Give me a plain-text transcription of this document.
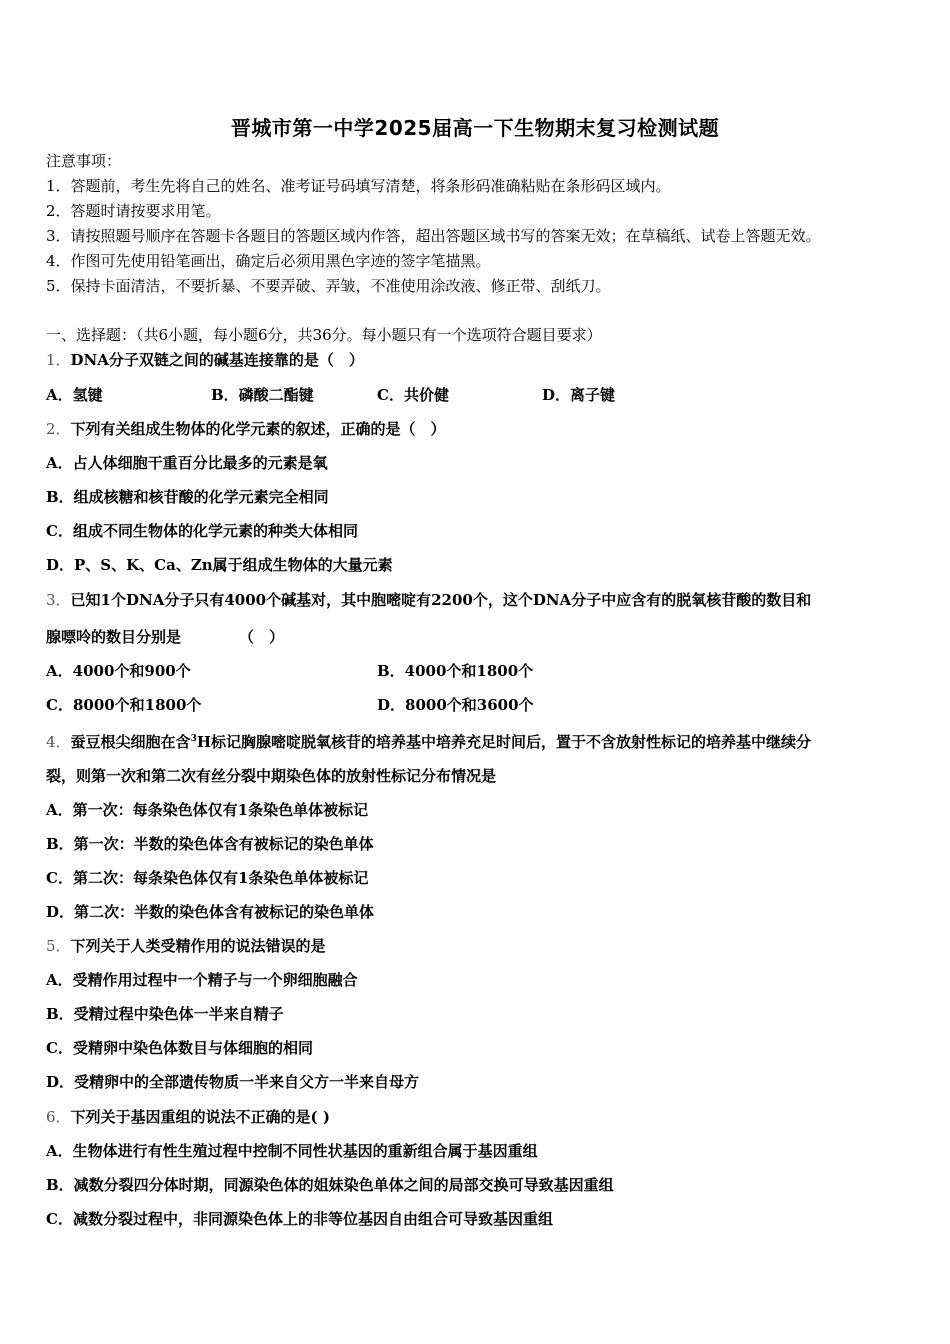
晋城市第一中学2025届高一下生物期末复习检测试题
注意事项：
1．答题前，考生先将自己的姓名、准考证号码填写清楚，将条形码准确粘贴在条形码区域内。
2．答题时请按要求用笔。
3．请按照题号顺序在答题卡各题目的答题区域内作答，超出答题区域书写的答案无效；在草稿纸、试卷上答题无效。
4．作图可先使用铅笔画出，确定后必须用黑色字迹的签字笔描黑。
5．保持卡面清洁，不要折暴、不要弄破、弄皱，不准使用涂改液、修正带、刮纸刀。
一、选择题：（共6小题，每小题6分，共36分。每小题只有一个选项符合题目要求）
1．DNA分子双链之间的碱基连接靠的是（　）
A．氢键	B．磷酸二酯键	C．共价健	D．离子键
2．下列有关组成生物体的化学元素的叙述，正确的是（　）
A．占人体细胞干重百分比最多的元素是氧
B．组成核糖和核苷酸的化学元素完全相同
C．组成不同生物体的化学元素的种类大体相同
D．P、S、K、Ca、Zn属于组成生物体的大量元素
3．已知1个DNA分子只有4000个碱基对，其中胞嘧啶有2200个，这个DNA分子中应含有的脱氧核苷酸的数目和
腺嘌呤的数目分别是	（　）
A．4000个和900个	B．4000个和1800个
C．8000个和1800个	D．8000个和3600个
4．蚕豆根尖细胞在含$^3$H标记胸腺嘧啶脱氧核苷的培养基中培养充足时间后，置于不含放射性标记的培养基中继续分
裂，则第一次和第二次有丝分裂中期染色体的放射性标记分布情况是
A．第一次：每条染色体仅有1条染色单体被标记
B．第一次：半数的染色体含有被标记的染色单体
C．第二次：每条染色体仅有1条染色单体被标记
D．第二次：半数的染色体含有被标记的染色单体
5．下列关于人类受精作用的说法错误的是
A．受精作用过程中一个精子与一个卵细胞融合
B．受精过程中染色体一半来自精子
C．受精卵中染色体数目与体细胞的相同
D．受精卵中的全部遗传物质一半来自父方一半来自母方
6．下列关于基因重组的说法不正确的是( )
A．生物体进行有性生殖过程中控制不同性状基因的重新组合属于基因重组
B．减数分裂四分体时期，同源染色体的姐妹染色单体之间的局部交换可导致基因重组
C．减数分裂过程中，非同源染色体上的非等位基因自由组合可导致基因重组
